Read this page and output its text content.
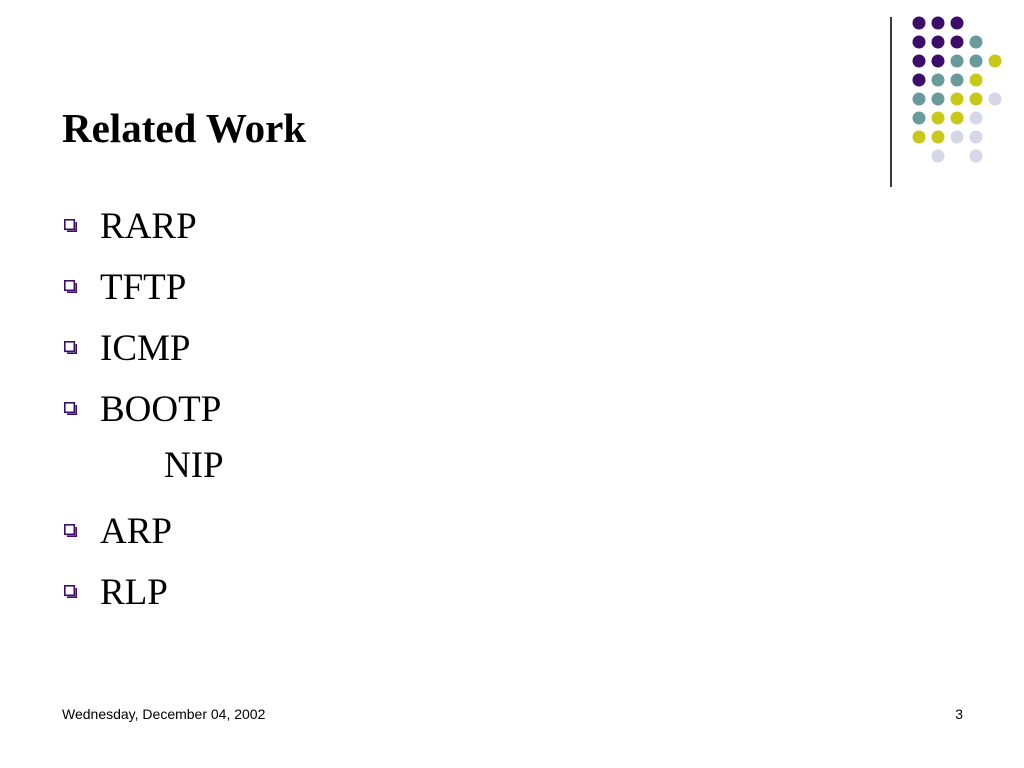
Related Work
RARP
TFTP
ICMP
BOOTP
NIP
ARP
RLP
Wednesday, December 04, 2002	3
